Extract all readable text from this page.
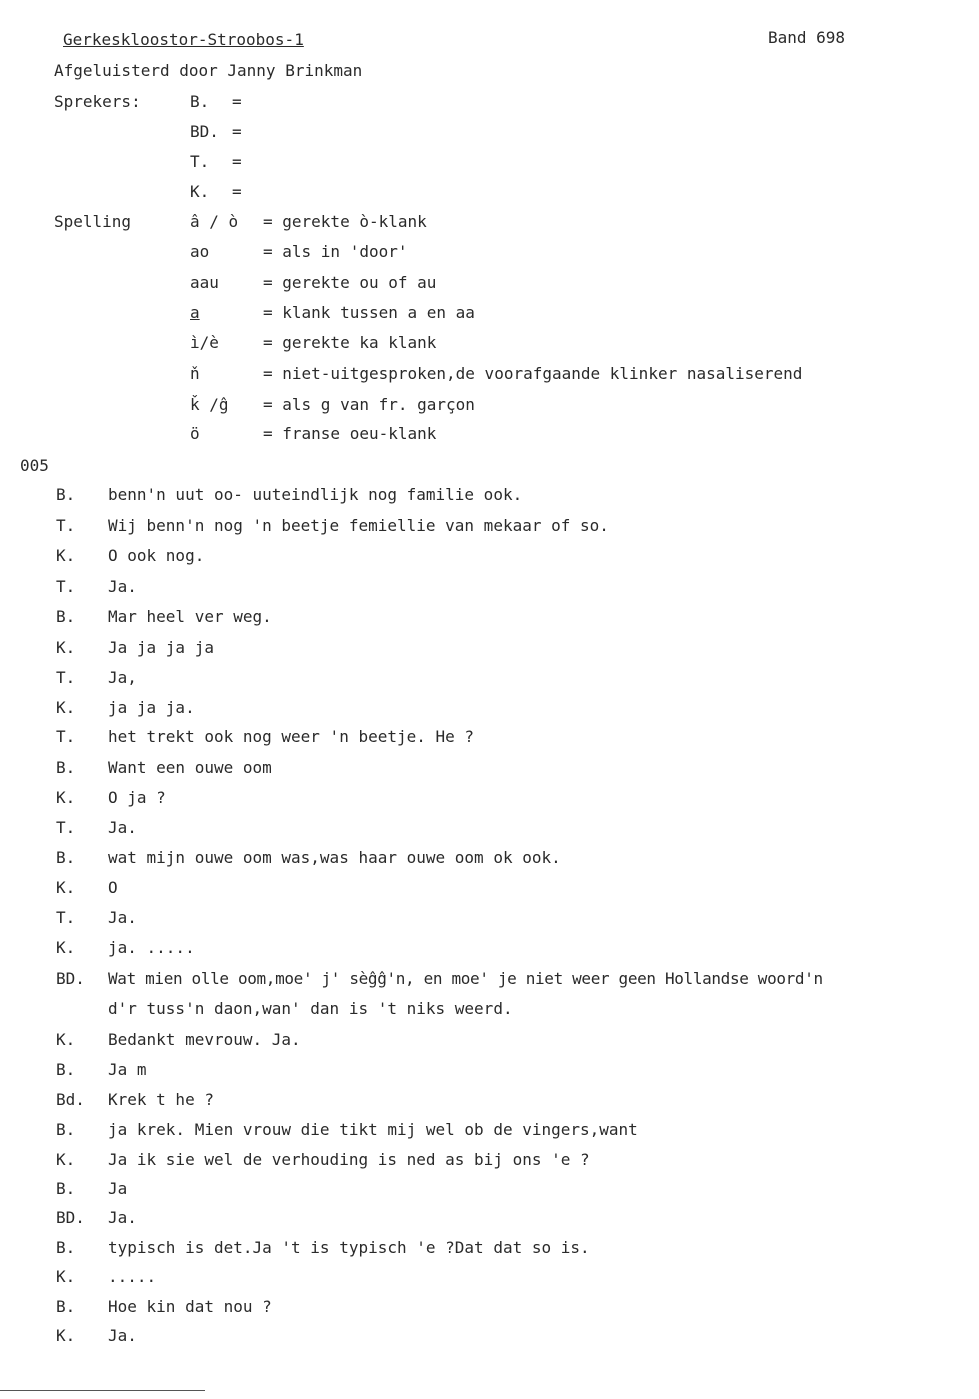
Gerkeskloostor-Stroobos-1	Band 698
Afgeluisterd door Janny Brinkman
Sprekers:	B. =
BD. =
T. =
K. =
Spelling	â / ò = gerekte ò-klank
ao	= als in 'door'
aau	= gerekte ou of au
a	= klank tussen a en aa
ì/è	= gerekte ka klank
ň	= niet-uitgesproken,de voorafgaande klinker nasaliserend
ǩ /ĝ = als g van fr. garçon
ö	= franse oeu-klank
005
B. benn'n uut oo- uuteindlijk nog familie ook.
T. Wij benn'n nog 'n beetje femiellie van mekaar of so.
K. O ook nog.
T. Ja.
B. Mar heel ver weg.
K. Ja ja ja ja
T. Ja,
K. ja ja ja.
T. het trekt ook nog weer 'n beetje. He ?
B. Want een ouwe oom
K. O ja ?
T. Ja.
B. wat mijn ouwe oom was,was haar ouwe oom ok ook.
K. O
T. Ja.
K. ja. .....
BD. Wat mien olle oom,moe' j' sèĝĝ'n, en moe' je niet weer geen Hollandse woord'n
d'r tuss'n daon,wan' dan is 't niks weerd.
K. Bedankt mevrouw. Ja.
B. Ja m
Bd. Krek t he ?
B. ja krek. Mien vrouw die tikt mij wel ob de vingers,want
K. Ja ik sie wel de verhouding is ned as bij ons 'e ?
B. Ja
BD. Ja.
B. typisch is det.Ja 't is typisch 'e ?Dat dat so is.
K. .....
B. Hoe kin dat nou ?
K. Ja.
